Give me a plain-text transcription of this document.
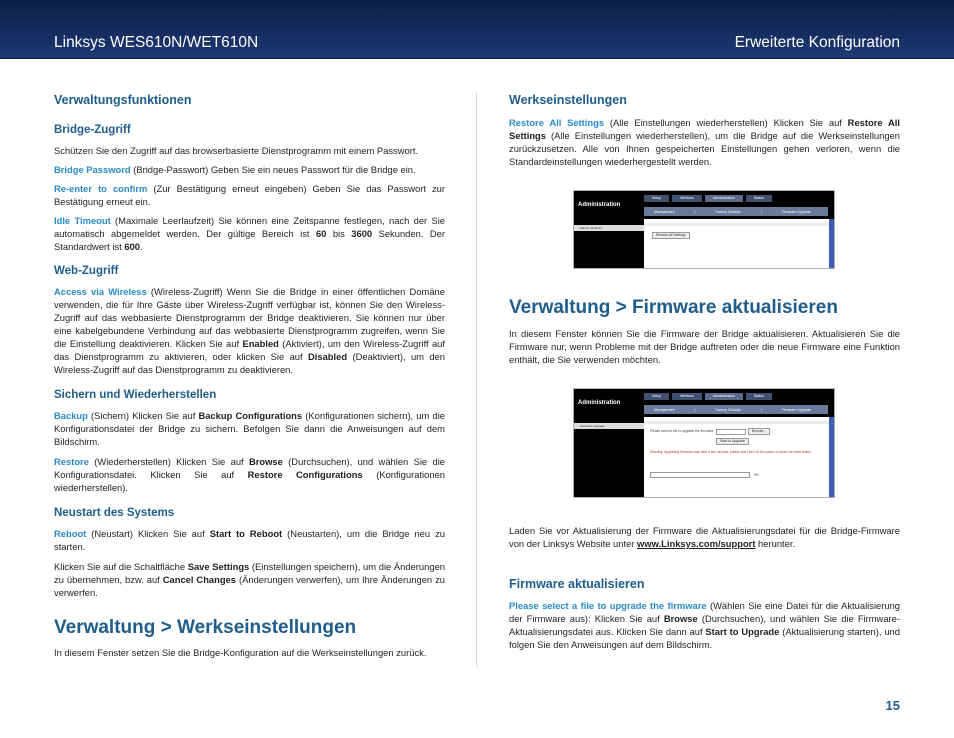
Linksys WES610N/WET610N	Erweiterte Konfiguration
Verwaltungsfunktionen
Bridge-Zugriff

Schützen Sie den Zugriff auf das browserbasierte Dienstprogramm mit einem Passwort.

Bridge Password (Bridge-Passwort) Geben Sie ein neues Passwort für die Bridge ein.

Re-enter to confirm (Zur Bestätigung erneut eingeben) Geben Sie das Passwort zur Bestätigung erneut ein.

Idle Timeout (Maximale Leerlaufzeit) Sie können eine Zeitspanne festlegen, nach der Sie automatisch abgemeldet werden. Der gültige Bereich ist 60 bis 3600 Sekunden. Der Standardwert ist 600.

Web-Zugriff

Access via Wireless (Wireless-Zugriff) Wenn Sie die Bridge in einer öffentlichen Domäne verwenden, die für Ihre Gäste über Wireless-Zugriff verfügbar ist, können Sie den Wireless-Zugriff auf das webbasierte Dienstprogramm der Bridge deaktivieren. Sie können nur über eine kabelgebundene Verbindung auf das webbasierte Dienstprogramm zugreifen, wenn Sie die Einstellung deaktivieren. Klicken Sie auf Enabled (Aktiviert), um den Wireless-Zugriff auf das Dienstprogramm zu aktivieren, oder klicken Sie auf Disabled (Deaktiviert), um den Wireless-Zugriff auf das Dienstprogramm zu deaktivieren.

Sichern und Wiederherstellen

Backup (Sichern) Klicken Sie auf Backup Configurations (Konfigurationen sichern), um die Konfigurationsdatei der Bridge zu sichern. Befolgen Sie dann die Anweisungen auf dem Bildschirm.

Restore (Wiederherstellen) Klicken Sie auf Browse (Durchsuchen), und wählen Sie die Konfigurationsdatei. Klicken Sie auf Restore Configurations (Konfigurationen wiederherstellen).

Neustart des Systems

Reboot (Neustart) Klicken Sie auf Start to Reboot (Neustarten), um die Bridge neu zu starten.

Klicken Sie auf die Schaltfläche Save Settings (Einstellungen speichern), um die Änderungen zu übernehmen, bzw. auf Cancel Changes (Änderungen verwerfen), um Ihre Änderungen zu verwerfen.

Verwaltung > Werkseinstellungen

In diesem Fenster setzen Sie die Bridge-Konfiguration auf die Werkseinstellungen zurück.

Werkseinstellungen

Restore All Settings (Alle Einstellungen wiederherstellen) Klicken Sie auf Restore All Settings (Alle Einstellungen wiederherstellen), um die Bridge auf die Werkseinstellungen zurückzusetzen. Alle von Ihnen gespeicherten Einstellungen gehen verloren, wenn die Standardeinstellungen wiederhergestellt werden.

Administration
Setup	Wireless	Administration	Status
Management	|	Factory Defaults	|	Firmware Upgrade
Factory Defaults
Restore All Settings
Verwaltung > Firmware aktualisieren

In diesem Fenster können Sie die Firmware der Bridge aktualisieren. Aktualisieren Sie die Firmware nur, wenn Probleme mit der Bridge auftreten oder die neue Firmware eine Funktion enthält, die Sie verwenden möchten.

Administration
Setup	Wireless	Administration	Status
Management	|	Factory Defaults	|	Firmware Upgrade
Firmware Upgrade
Please select a file to upgrade the firmware:	Browse...
Start to Upgrade
Warning: Upgrading firmware may take a few minutes, please don't turn off the power or press the reset button.
0%

Laden Sie vor Aktualisierung der Firmware die Aktualisierungsdatei für die Bridge-Firmware von der Linksys Website unter www.Linksys.com/support herunter.

Firmware aktualisieren

Please select a file to upgrade the firmware (Wählen Sie eine Datei für die Aktualisierung der Firmware aus): Klicken Sie auf Browse (Durchsuchen), und wählen Sie die Firmware-Aktualisierungsdatei aus. Klicken Sie dann auf Start to Upgrade (Aktualisierung starten), und folgen Sie den Anweisungen auf dem Bildschirm.

15
